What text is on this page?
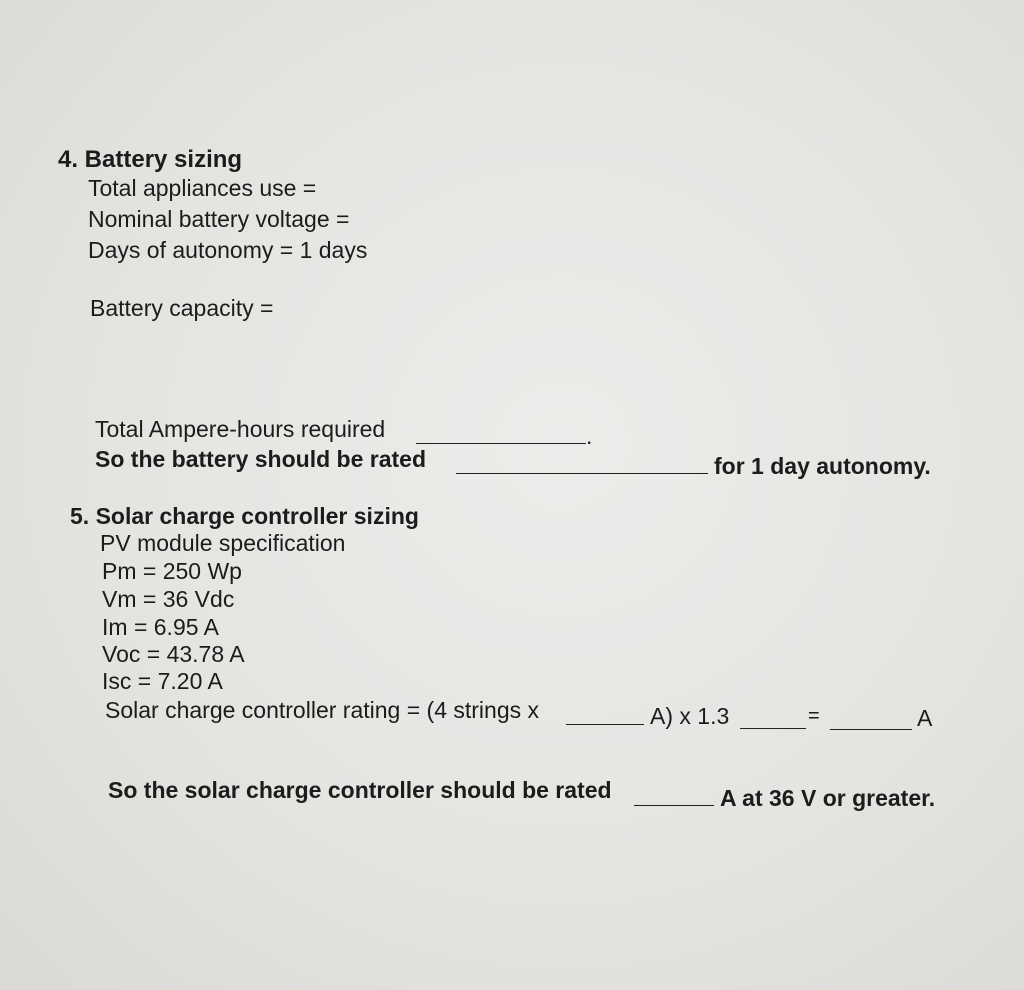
4. Battery sizing
Total appliances use =
Nominal battery voltage =
Days of autonomy = 1 days
Battery capacity =
Total Ampere-hours required	.
So the battery should be rated	for 1 day autonomy.
5. Solar charge controller sizing
PV module specification
Pm = 250 Wp
Vm = 36 Vdc
Im = 6.95 A
Voc = 43.78 A
Isc = 7.20 A
Solar charge controller rating = (4 strings x	A) x 1.3	=	A
So the solar charge controller should be rated	A at 36 V or greater.
